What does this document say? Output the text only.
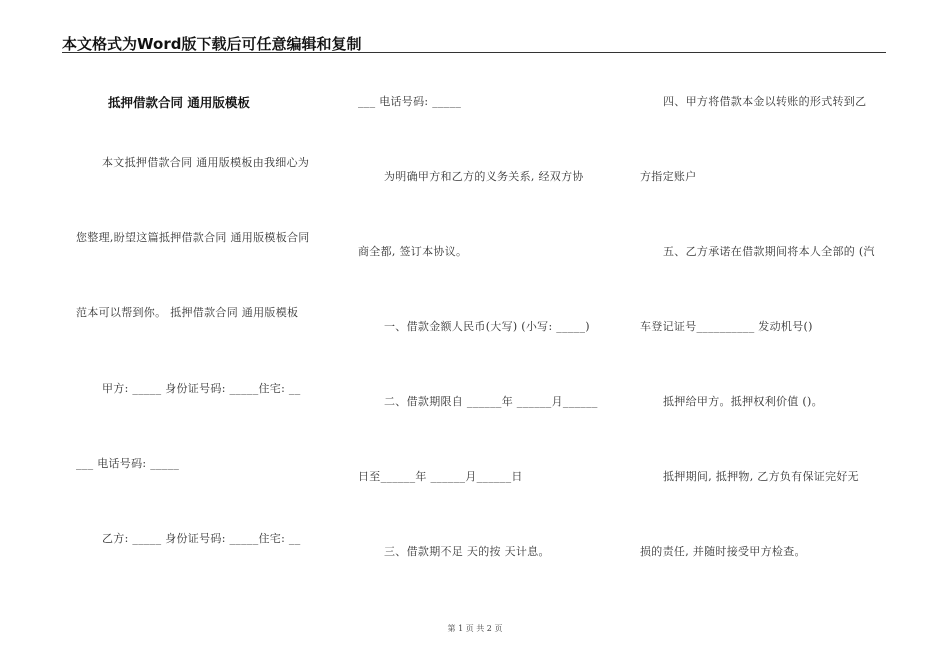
本文格式为Word版下载后可任意编辑和复制
抵押借款合同 通用版模板
本文抵押借款合同 通用版模板由我细心为
您整理,盼望这篇抵押借款合同 通用版模板合同
范本可以帮到你。 抵押借款合同 通用版模板
甲方: _____ 身份证号码: _____住宅: __
___ 电话号码: _____
乙方: _____ 身份证号码: _____住宅: __
___ 电话号码: _____
为明确甲方和乙方的义务关系, 经双方协
商全都, 签订本协议。
一、借款金额人民币(大写) (小写: _____)
二、借款期限自 ______年 ______月______
日至______年 ______月______日
三、借款期不足 天的按 天计息。
四、甲方将借款本金以转账的形式转到乙
方指定账户
五、乙方承诺在借款期间将本人全部的 (汽
车登记证号__________ 发动机号()
抵押给甲方。抵押权利价值 ()。
抵押期间, 抵押物, 乙方负有保证完好无
损的责任, 并随时接受甲方检查。
第 1 页 共 2 页
